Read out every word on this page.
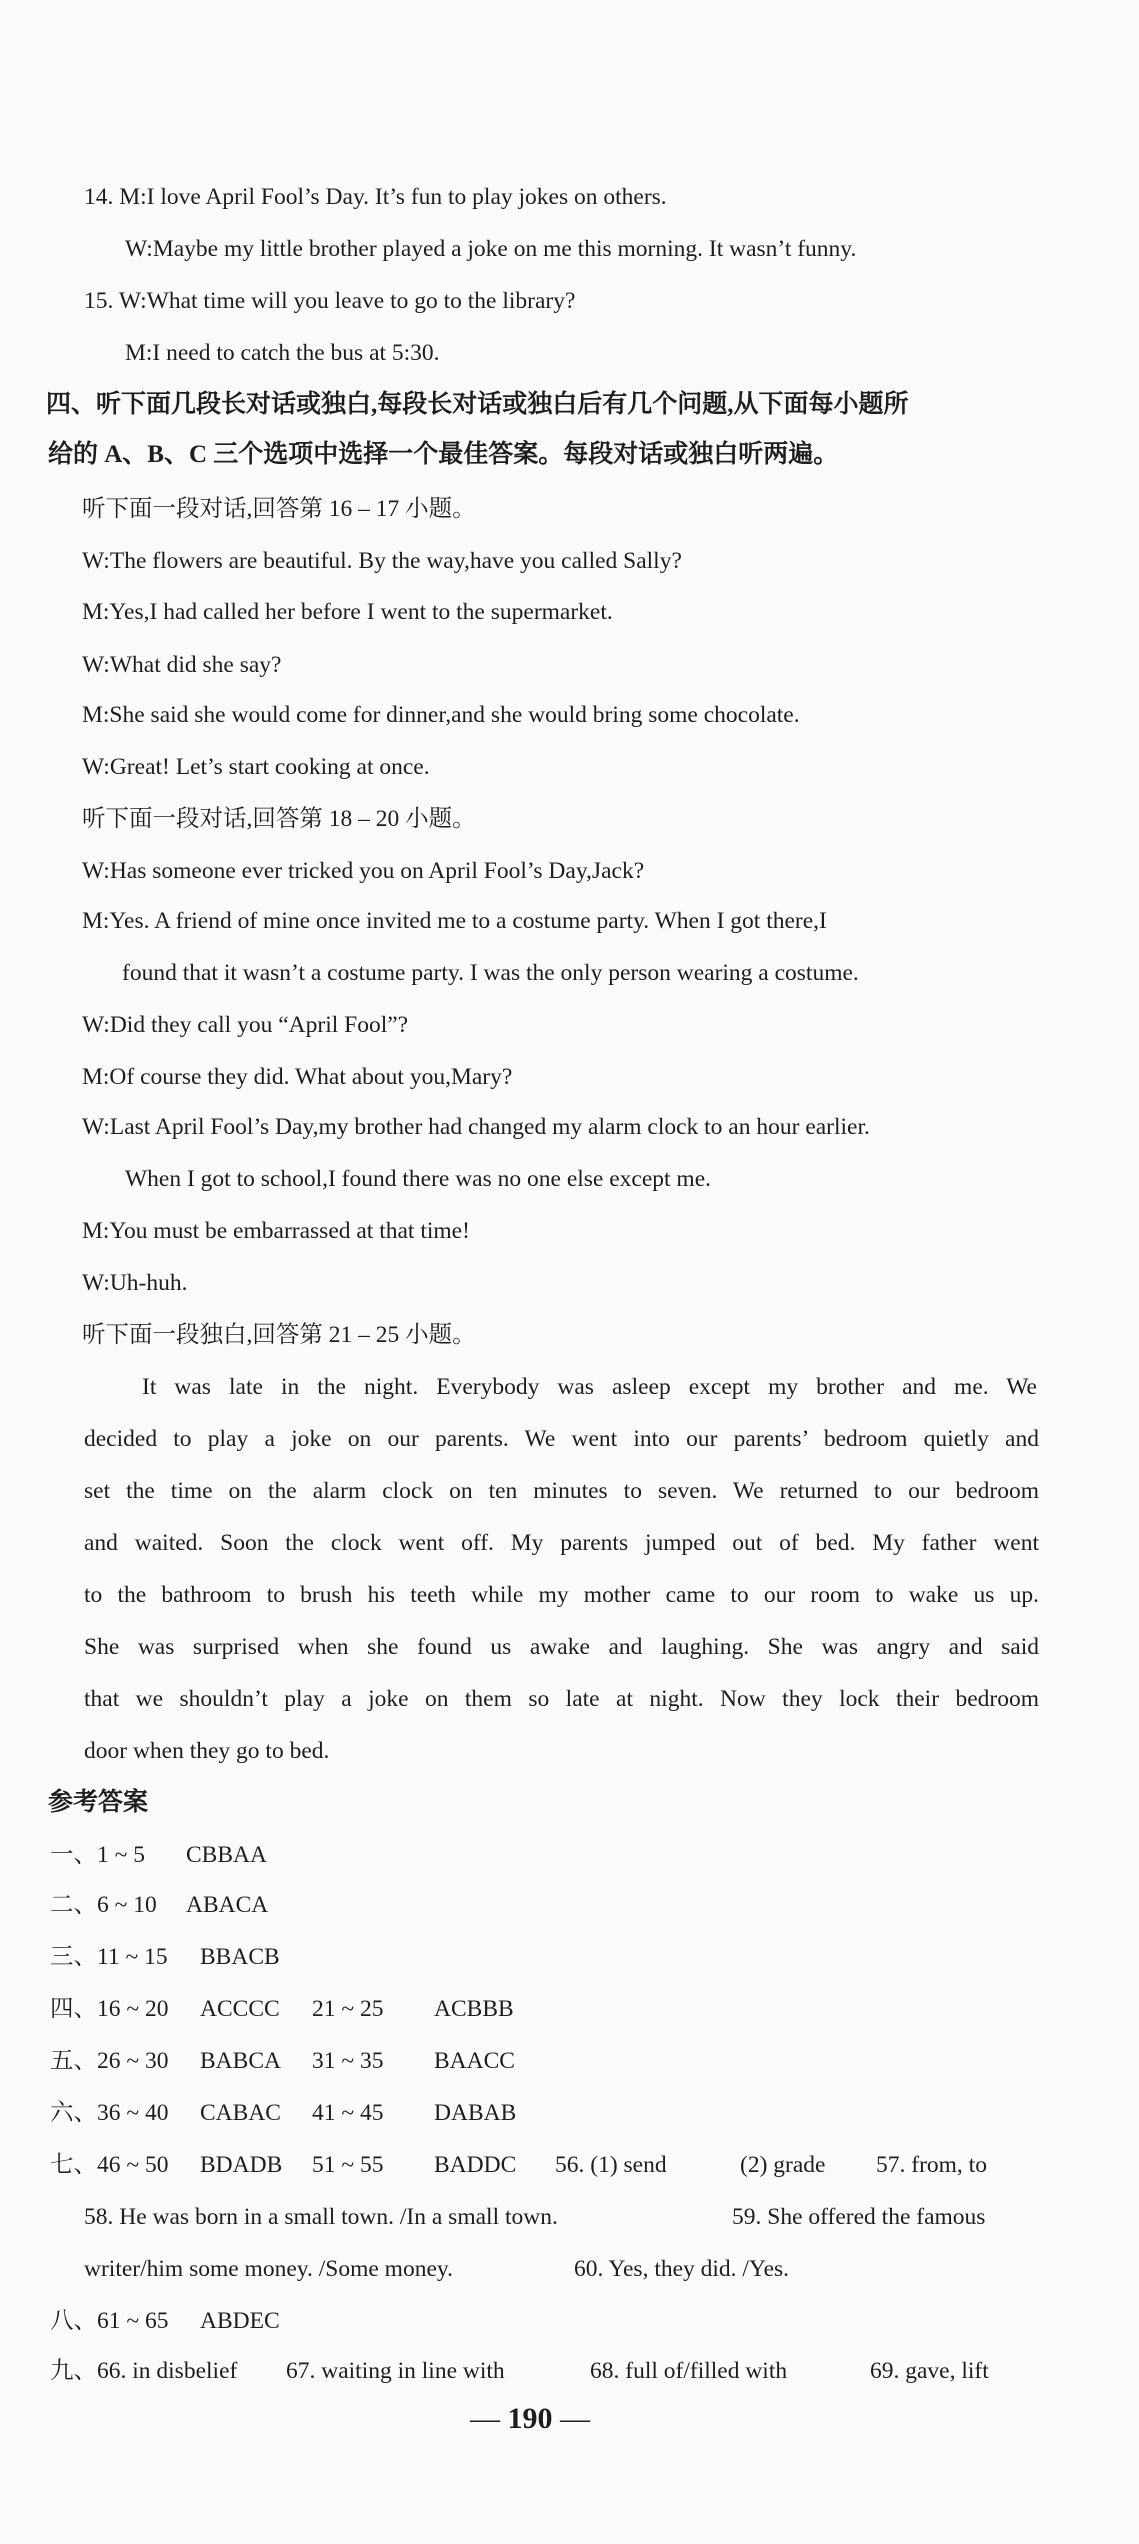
14. M:I love April Fool’s Day. It’s fun to play jokes on others.
W:Maybe my little brother played a joke on me this morning. It wasn’t funny.
15. W:What time will you leave to go to the library?
M:I need to catch the bus at 5:30.
四、听下面几段长对话或独白,每段长对话或独白后有几个问题,从下面每小题所
给的 A、B、C 三个选项中选择一个最佳答案。每段对话或独白听两遍。
听下面一段对话,回答第 16 – 17 小题。
W:The flowers are beautiful. By the way,have you called Sally?
M:Yes,I had called her before I went to the supermarket.
W:What did she say?
M:She said she would come for dinner,and she would bring some chocolate.
W:Great! Let’s start cooking at once.
听下面一段对话,回答第 18 – 20 小题。
W:Has someone ever tricked you on April Fool’s Day,Jack?
M:Yes. A friend of mine once invited me to a costume party. When I got there,I
found that it wasn’t a costume party. I was the only person wearing a costume.
W:Did they call you “April Fool”?
M:Of course they did. What about you,Mary?
W:Last April Fool’s Day,my brother had changed my alarm clock to an hour earlier.
When I got to school,I found there was no one else except me.
M:You must be embarrassed at that time!
W:Uh-huh.
听下面一段独白,回答第 21 – 25 小题。
It was late in the night. Everybody was asleep except my brother and me. We
decided to play a joke on our parents. We went into our parents’ bedroom quietly and
set the time on the alarm clock on ten minutes to seven. We returned to our bedroom
and waited. Soon the clock went off. My parents jumped out of bed. My father went
to the bathroom to brush his teeth while my mother came to our room to wake us up.
She was surprised when she found us awake and laughing. She was angry and said
that we shouldn’t play a joke on them so late at night. Now they lock their bedroom
door when they go to bed.
参考答案
一、1 ~ 5 CBBAA
二、6 ~ 10 ABACA
三、11 ~ 15 BBACB
四、16 ~ 20 ACCCC 21 ~ 25 ACBBB
五、26 ~ 30 BABCA 31 ~ 35 BAACC
六、36 ~ 40 CABAC 41 ~ 45 DABAB
七、46 ~ 50 BDADB 51 ~ 55 BADDC 56. (1) send	(2) grade 57. from, to
58. He was born in a small town. /In a small town.	59. She offered the famous
writer/him some money. /Some money.	60. Yes, they did. /Yes.
八、61 ~ 65 ABDEC
九、66. in disbelief 67. waiting in line with	68. full of/filled with	69. gave, lift
— 190 —
